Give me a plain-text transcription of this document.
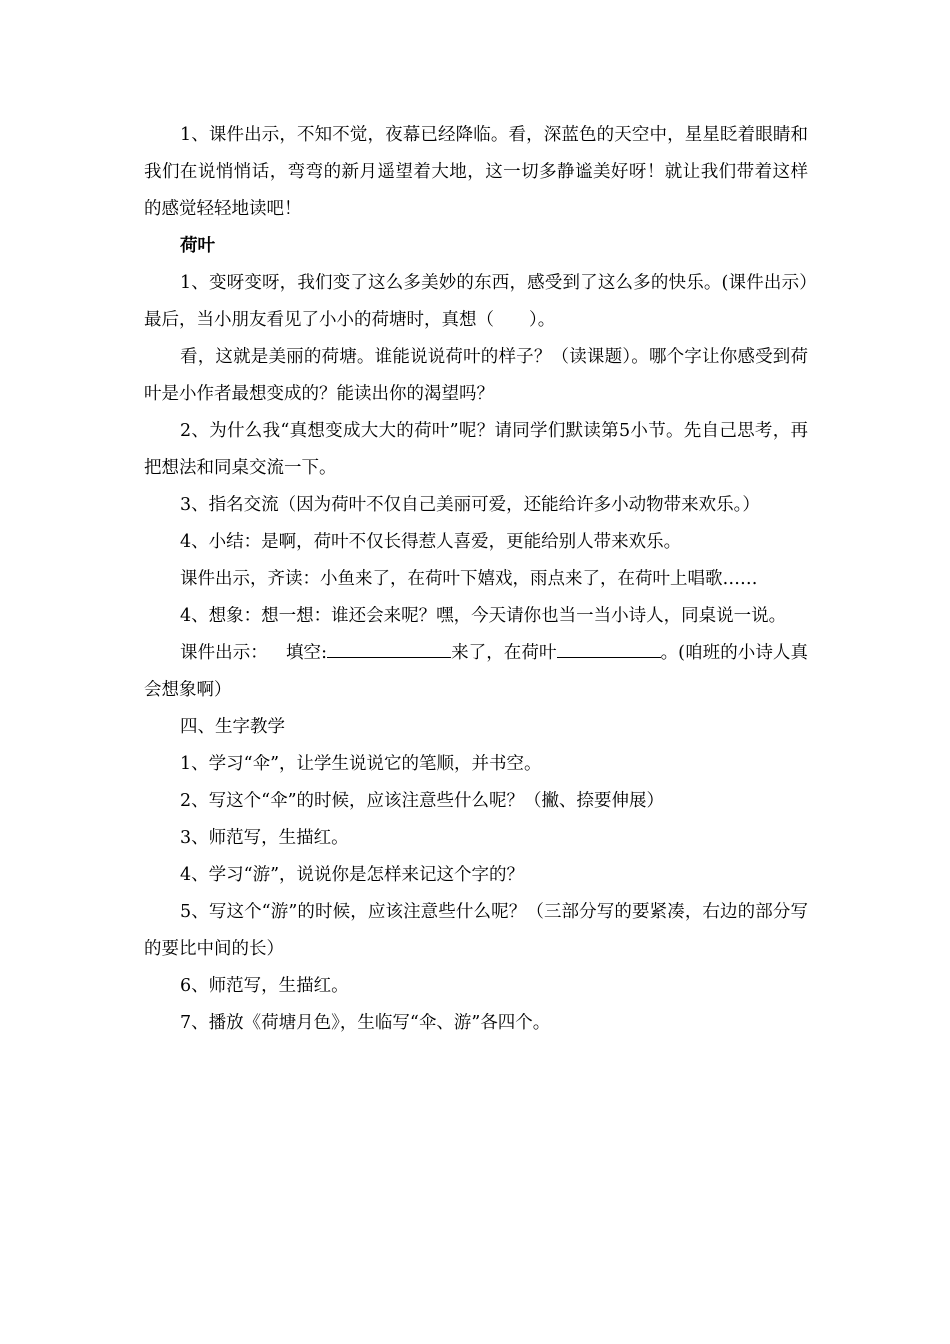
1、课件出示，不知不觉，夜幕已经降临。看，深蓝色的天空中，星星眨着眼睛和我们在说悄悄话，弯弯的新月遥望着大地，这一切多静谧美好呀！就让我们带着这样的感觉轻轻地读吧！

荷叶

1、变呀变呀，我们变了这么多美妙的东西，感受到了这么多的快乐。(课件出示）最后，当小朋友看见了小小的荷塘时，真想（　　）。

看，这就是美丽的荷塘。谁能说说荷叶的样子？（读课题）。哪个字让你感受到荷叶是小作者最想变成的？能读出你的渴望吗？

2、为什么我“真想变成大大的荷叶”呢？请同学们默读第5小节。先自己思考，再把想法和同桌交流一下。

3、指名交流（因为荷叶不仅自己美丽可爱，还能给许多小动物带来欢乐。）

4、小结：是啊，荷叶不仅长得惹人喜爱，更能给别人带来欢乐。

课件出示，齐读：小鱼来了，在荷叶下嬉戏，雨点来了，在荷叶上唱歌……

4、想象：想一想：谁还会来呢？嘿，今天请你也当一当小诗人，同桌说一说。

课件出示： 填空:	来了，在荷叶	。(咱班的小诗人真会想象啊）

四、生字教学

1、学习“伞”，让学生说说它的笔顺，并书空。

2、写这个“伞”的时候，应该注意些什么呢？（撇、捺要伸展）

3、师范写，生描红。

4、学习“游”，说说你是怎样来记这个字的？

5、写这个“游”的时候，应该注意些什么呢？（三部分写的要紧凑，右边的部分写的要比中间的长）

6、师范写，生描红。

7、播放《荷塘月色》，生临写“伞、游”各四个。
